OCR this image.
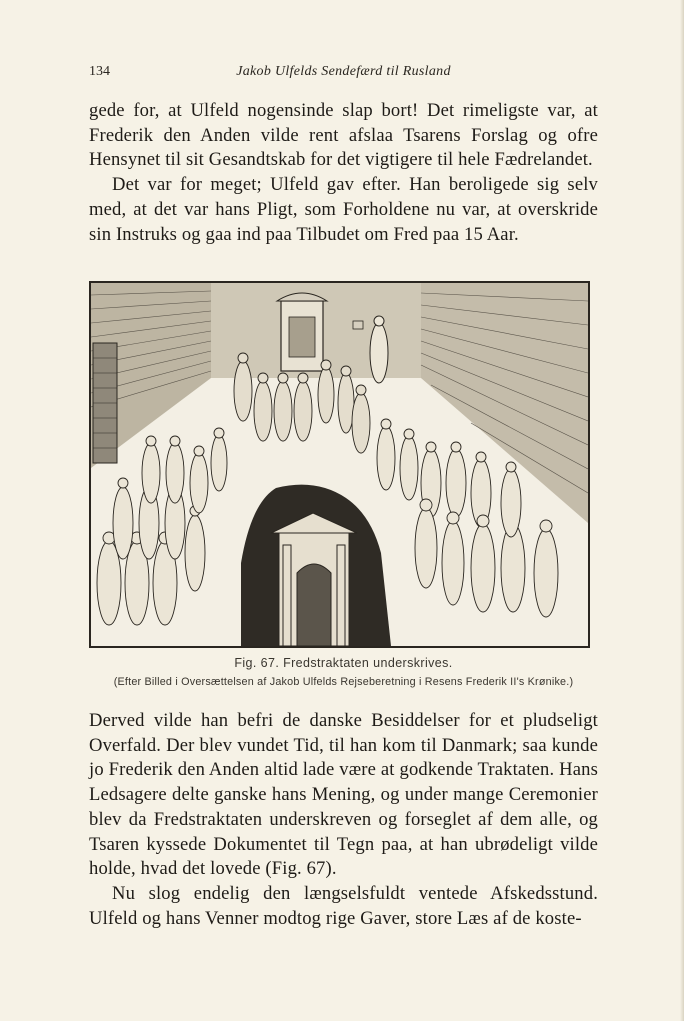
134	Jakob Ulfelds Sendefærd til Rusland

gede for, at Ulfeld nogensinde slap bort! Det rimeligste var, at Frederik den Anden vilde rent afslaa Tsarens Forslag og ofre Hensynet til sit Gesandtskab for det vigtigere til hele Fædrelandet.

Det var for meget; Ulfeld gav efter. Han beroligede sig selv med, at det var hans Pligt, som Forholdene nu var, at overskride sin Instruks og gaa ind paa Tilbudet om Fred paa 15 Aar.

Fig. 67. Fredstraktaten underskrives.
(Efter Billed i Oversættelsen af Jakob Ulfelds Rejseberetning i Resens Frederik II's Krønike.)

Derved vilde han befri de danske Besiddelser for et pludseligt Overfald. Der blev vundet Tid, til han kom til Danmark; saa kunde jo Frederik den Anden altid lade være at godkende Traktaten. Hans Ledsagere delte ganske hans Mening, og under mange Ceremonier blev da Fredstraktaten underskreven og forseglet af dem alle, og Tsaren kyssede Dokumentet til Tegn paa, at han ubrødeligt vilde holde, hvad det lovede (Fig. 67).

Nu slog endelig den længselsfuldt ventede Afskedsstund. Ulfeld og hans Venner modtog rige Gaver, store Læs af de koste-
